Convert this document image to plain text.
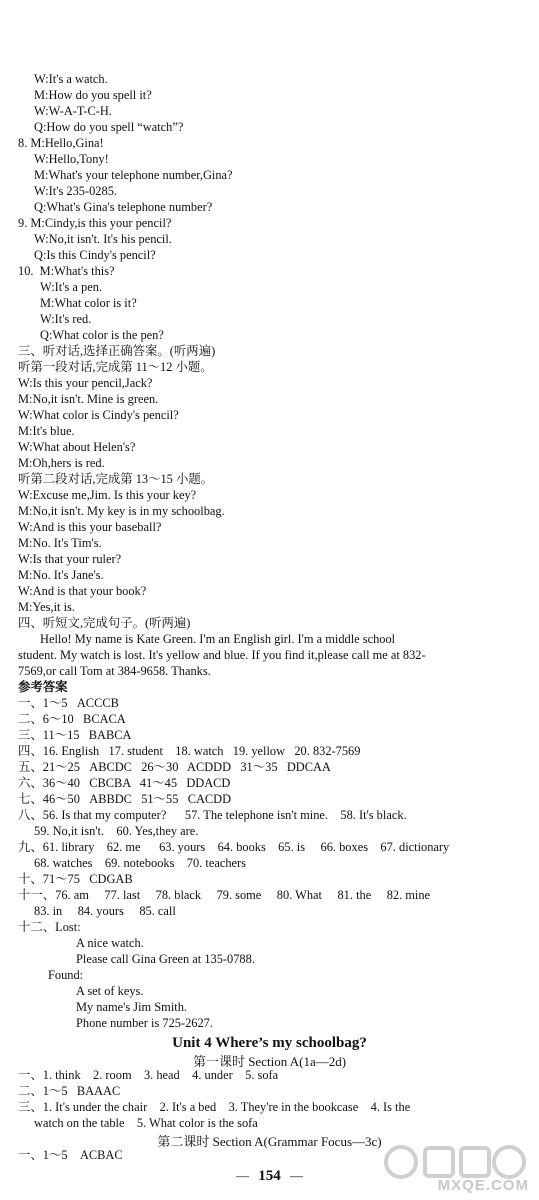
W:It's a watch.
M:How do you spell it?
W:W-A-T-C-H.
Q:How do you spell “watch”?
8. M:Hello,Gina!
W:Hello,Tony!
M:What's your telephone number,Gina?
W:It's 235-0285.
Q:What's Gina's telephone number?
9. M:Cindy,is this your pencil?
W:No,it isn't. It's his pencil.
Q:Is this Cindy's pencil?
10.  M:What's this?
W:It's a pen.
M:What color is it?
W:It's red.
Q:What color is the pen?
三、听对话,选择正确答案。(听两遍)
听第一段对话,完成第 11～12 小题。
W:Is this your pencil,Jack?
M:No,it isn't. Mine is green.
W:What color is Cindy's pencil?
M:It's blue.
W:What about Helen's?
M:Oh,hers is red.
听第二段对话,完成第 13～15 小题。
W:Excuse me,Jim. Is this your key?
M:No,it isn't. My key is in my schoolbag.
W:And is this your baseball?
M:No. It's Tim's.
W:Is that your ruler?
M:No. It's Jane's.
W:And is that your book?
M:Yes,it is.
四、听短文,完成句子。(听两遍)
Hello! My name is Kate Green. I'm an English girl. I'm a middle school
student. My watch is lost. It's yellow and blue. If you find it,please call me at 832-
7569,or call Tom at 384-9658. Thanks.
参考答案
一、1～5   ACCCB
二、6～10   BCACA
三、11～15   BABCA
四、16. English   17. student    18. watch   19. yellow   20. 832-7569
五、21～25   ABCDC   26～30   ACDDD   31～35   DDCAA
六、36～40   CBCBA   41～45   DDACD
七、46～50   ABBDC   51～55   CACDD
八、56. Is that my computer?      57. The telephone isn't mine.    58. It's black.
59. No,it isn't.    60. Yes,they are.
九、61. library    62. me      63. yours    64. books    65. is     66. boxes    67. dictionary
68. watches    69. notebooks    70. teachers
十、71～75   CDGAB
十一、76. am     77. last     78. black     79. some     80. What     81. the     82. mine
83. in     84. yours     85. call
十二、Lost:
A nice watch.
Please call Gina Green at 135-0788.
Found:
A set of keys.
My name's Jim Smith.
Phone number is 725-2627.
一、1. think    2. room    3. head    4. under    5. sofa
二、1～5   BAAAC
三、1. It's under the chair    2. It's a bed    3. They're in the bookcase    4. Is the
watch on the table    5. What color is the sofa
一、1～5    ACBAC
Unit 4 Where’s my schoolbag?
第一课时 Section A(1a—2d)
第二课时 Section A(Grammar Focus—3c)
— 154 —
MXQE.COM
